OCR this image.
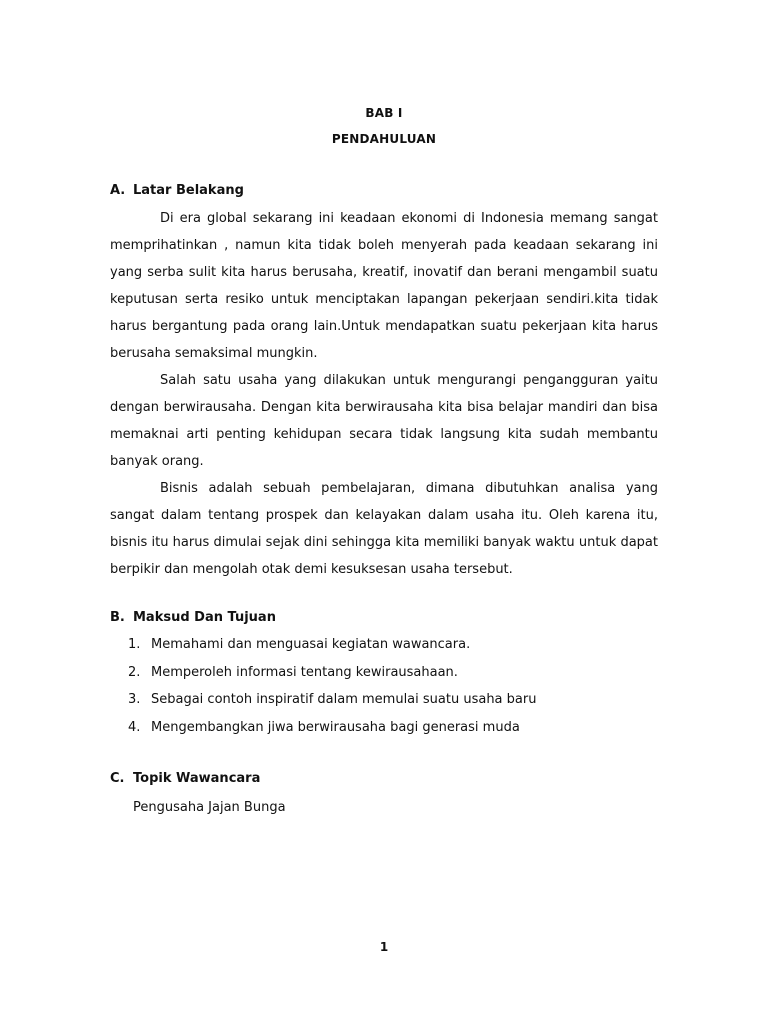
BAB I
PENDAHULUAN
A. Latar Belakang

Di era global sekarang ini keadaan ekonomi di Indonesia memang sangat memprihatinkan , namun kita tidak boleh menyerah pada keadaan sekarang ini yang serba sulit kita harus berusaha, kreatif, inovatif dan berani mengambil suatu keputusan serta resiko untuk menciptakan lapangan pekerjaan sendiri.kita tidak harus bergantung pada orang lain.Untuk mendapatkan suatu pekerjaan kita harus berusaha semaksimal mungkin.

Salah satu usaha yang dilakukan untuk mengurangi pengangguran yaitu dengan berwirausaha. Dengan kita berwirausaha kita bisa belajar mandiri dan bisa memaknai arti penting kehidupan secara tidak langsung kita sudah membantu banyak orang.

Bisnis adalah sebuah pembelajaran, dimana dibutuhkan analisa yang sangat dalam tentang prospek dan kelayakan dalam usaha itu. Oleh karena itu, bisnis itu harus dimulai sejak dini sehingga kita memiliki banyak waktu untuk dapat berpikir dan mengolah otak demi kesuksesan usaha tersebut.

B. Maksud Dan Tujuan
1. Memahami dan menguasai kegiatan wawancara.
2. Memperoleh informasi tentang kewirausahaan.
3. Sebagai contoh inspiratif dalam memulai suatu usaha baru
4. Mengembangkan jiwa berwirausaha bagi generasi muda
C. Topik Wawancara
Pengusaha Jajan Bunga
1
